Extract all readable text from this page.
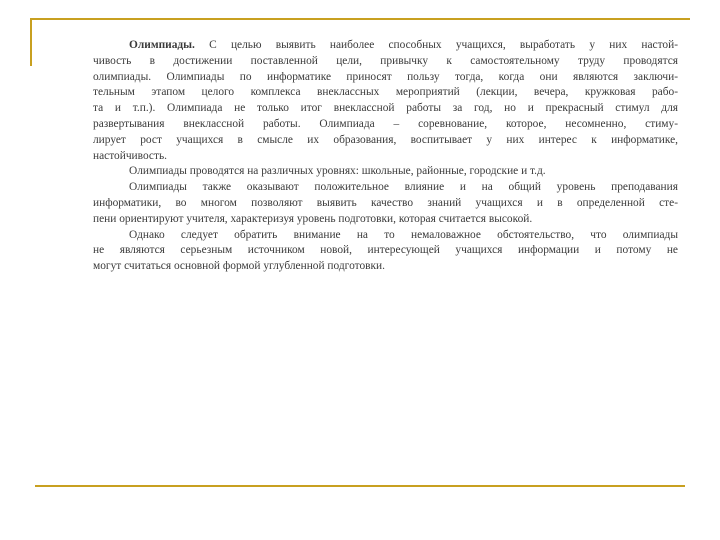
Олимпиады. С целью выявить наиболее способных учащихся, выработать у них настой-
чивость в достижении поставленной цели, привычку к самостоятельному труду проводятся
олимпиады. Олимпиады по информатике приносят пользу тогда, когда они являются заключи-
тельным этапом целого комплекса внеклассных мероприятий (лекции, вечера, кружковая рабо-
та и т.п.). Олимпиада не только итог внеклассной работы за год, но и прекрасный стимул для
развертывания внеклассной работы. Олимпиада – соревнование, которое, несомненно, стиму-
лирует рост учащихся в смысле их образования, воспитывает у них интерес к информатике,
настойчивость.
Олимпиады проводятся на различных уровнях: школьные, районные, городские и т.д.
Олимпиады также оказывают положительное влияние и на общий уровень преподавания
информатики, во многом позволяют выявить качество знаний учащихся и в определенной сте-
пени ориентируют учителя, характеризуя уровень подготовки, которая считается высокой.
Однако следует обратить внимание на то немаловажное обстоятельство, что олимпиады
не являются серьезным источником новой, интересующей учащихся информации и потому не
могут считаться основной формой углубленной подготовки.
